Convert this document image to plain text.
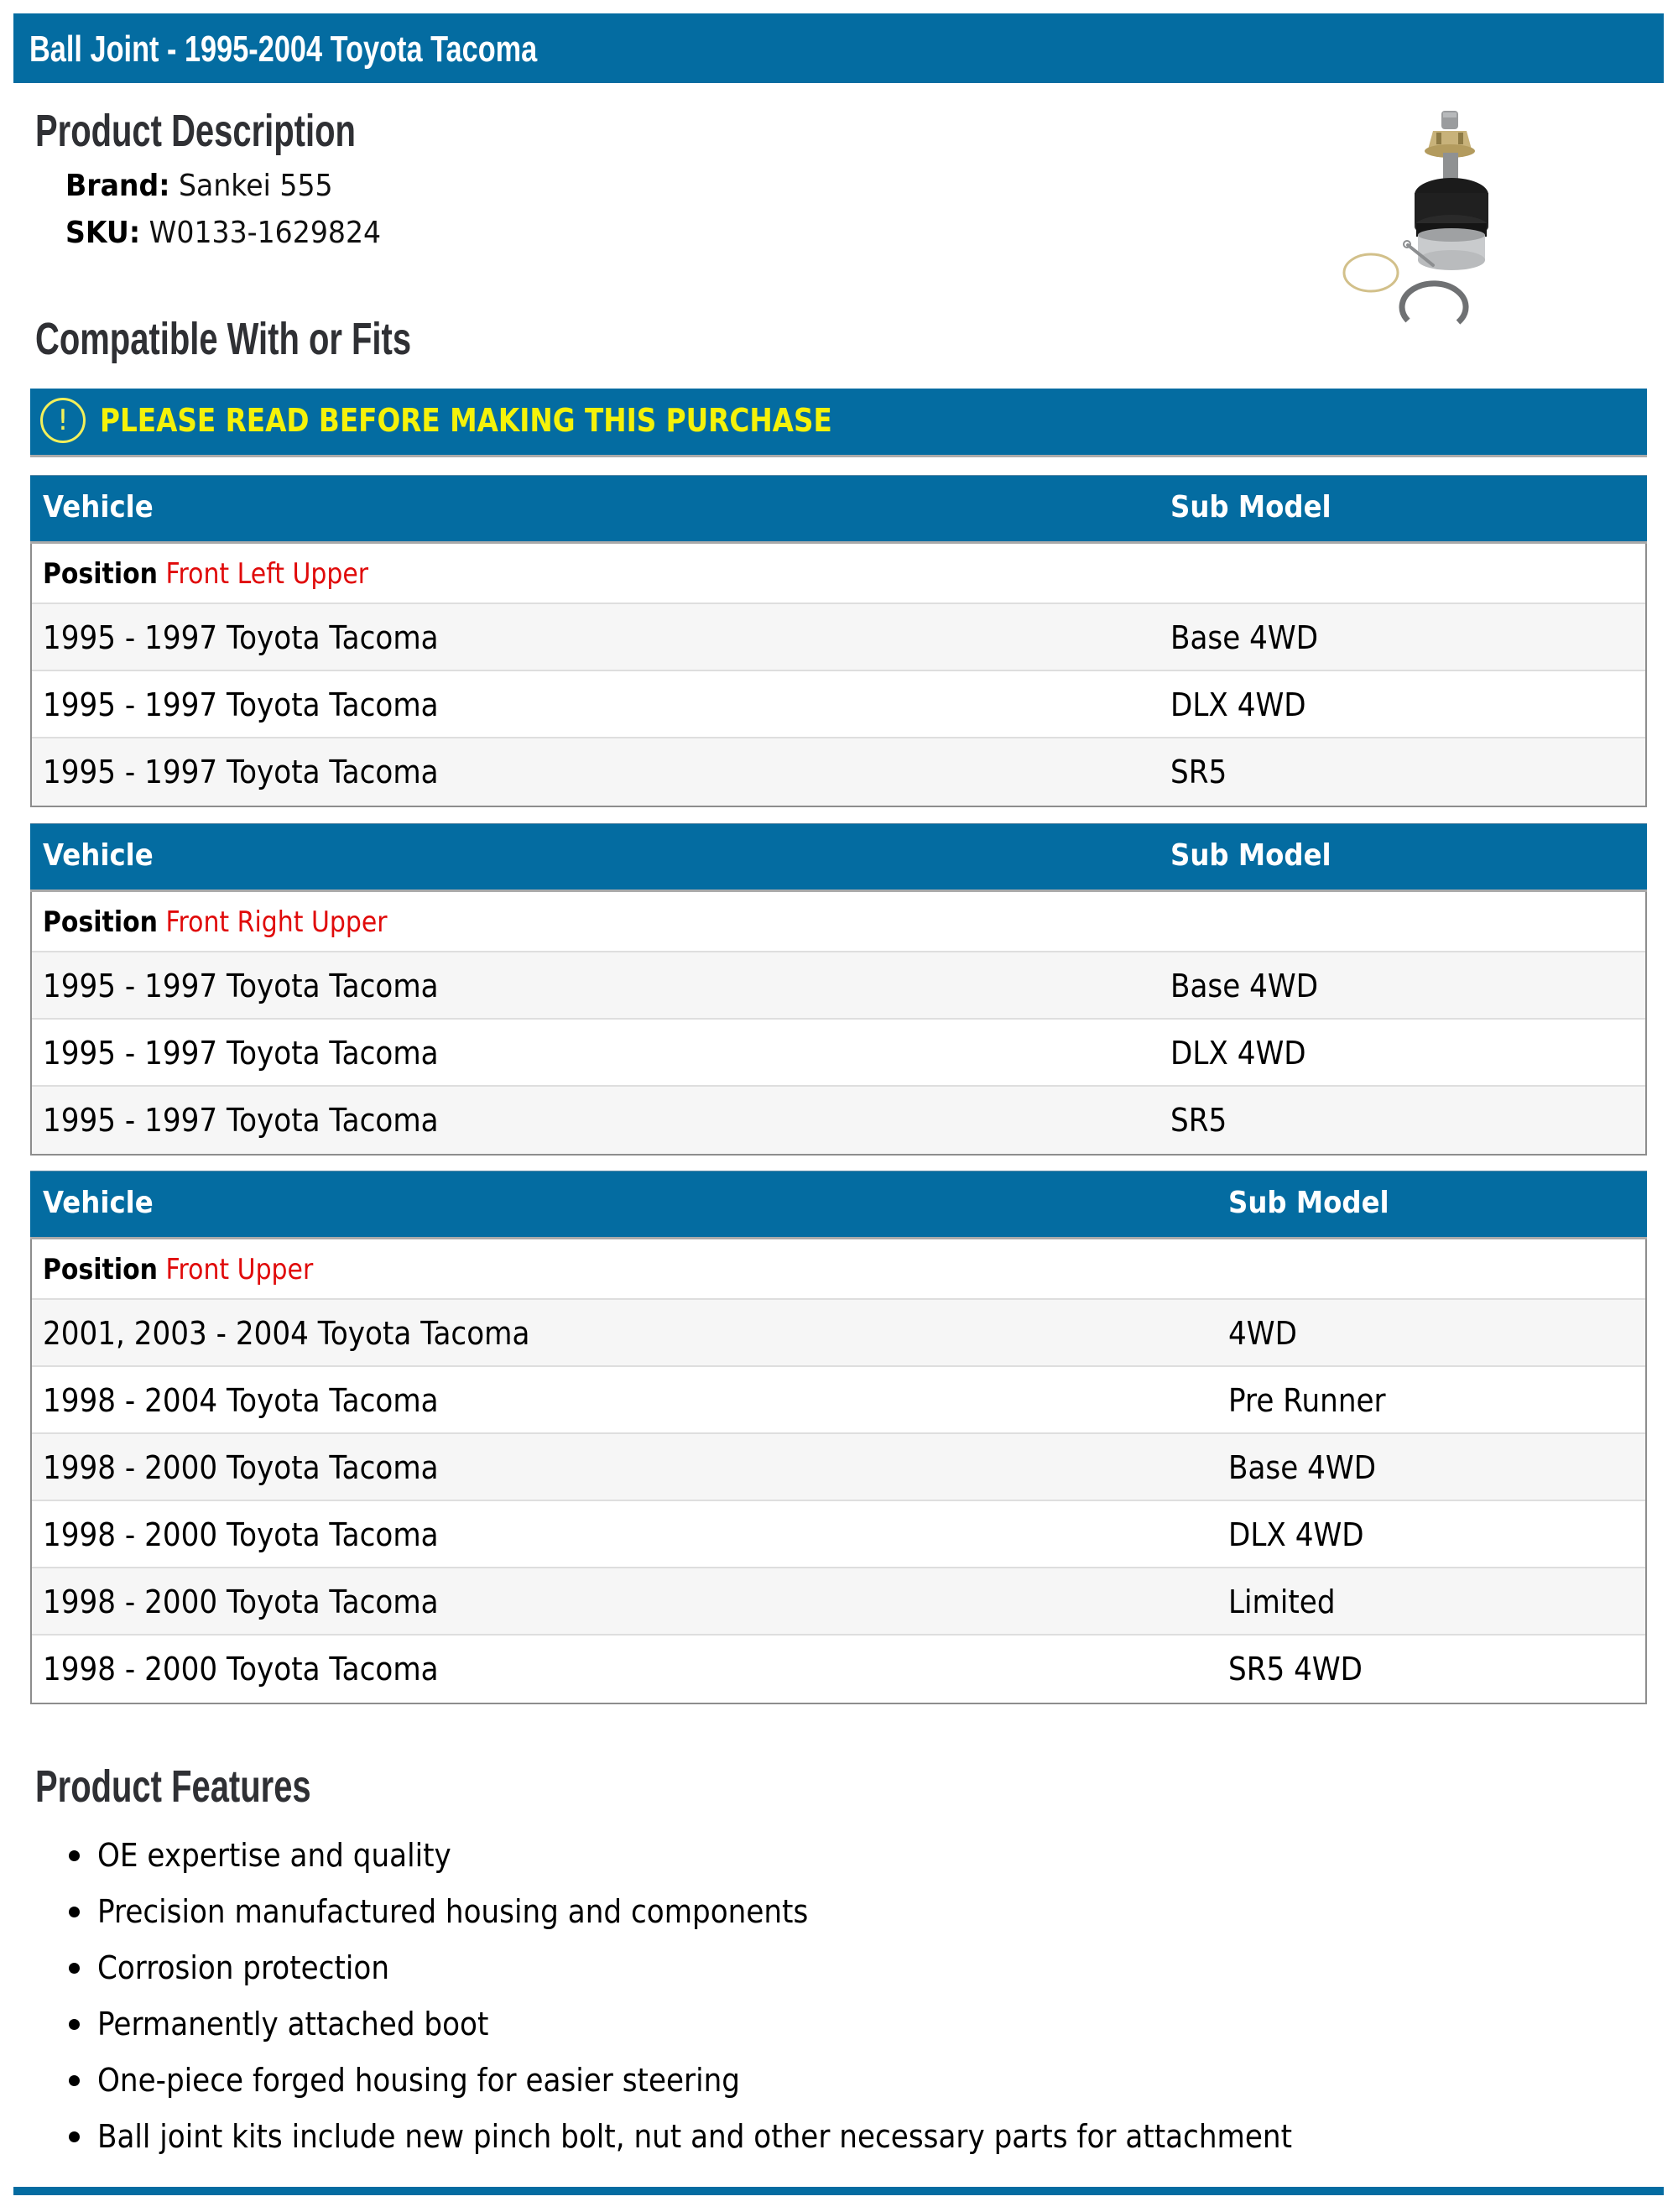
Ball Joint - 1995-2004 Toyota Tacoma
Product Description
Brand: Sankei 555
SKU: W0133-1629824
Compatible With or Fits
! PLEASE READ BEFORE MAKING THIS PURCHASE
Vehicle	Sub Model
Position Front Left Upper
1995 - 1997 Toyota Tacoma	Base 4WD
1995 - 1997 Toyota Tacoma	DLX 4WD
1995 - 1997 Toyota Tacoma	SR5
Vehicle	Sub Model
Position Front Right Upper
1995 - 1997 Toyota Tacoma	Base 4WD
1995 - 1997 Toyota Tacoma	DLX 4WD
1995 - 1997 Toyota Tacoma	SR5
Vehicle	Sub Model
Position Front Upper
2001, 2003 - 2004 Toyota Tacoma	4WD
1998 - 2004 Toyota Tacoma	Pre Runner
1998 - 2000 Toyota Tacoma	Base 4WD
1998 - 2000 Toyota Tacoma	DLX 4WD
1998 - 2000 Toyota Tacoma	Limited
1998 - 2000 Toyota Tacoma	SR5 4WD
Product Features
OE expertise and quality
Precision manufactured housing and components
Corrosion protection
Permanently attached boot
One-piece forged housing for easier steering
Ball joint kits include new pinch bolt, nut and other necessary parts for attachment
